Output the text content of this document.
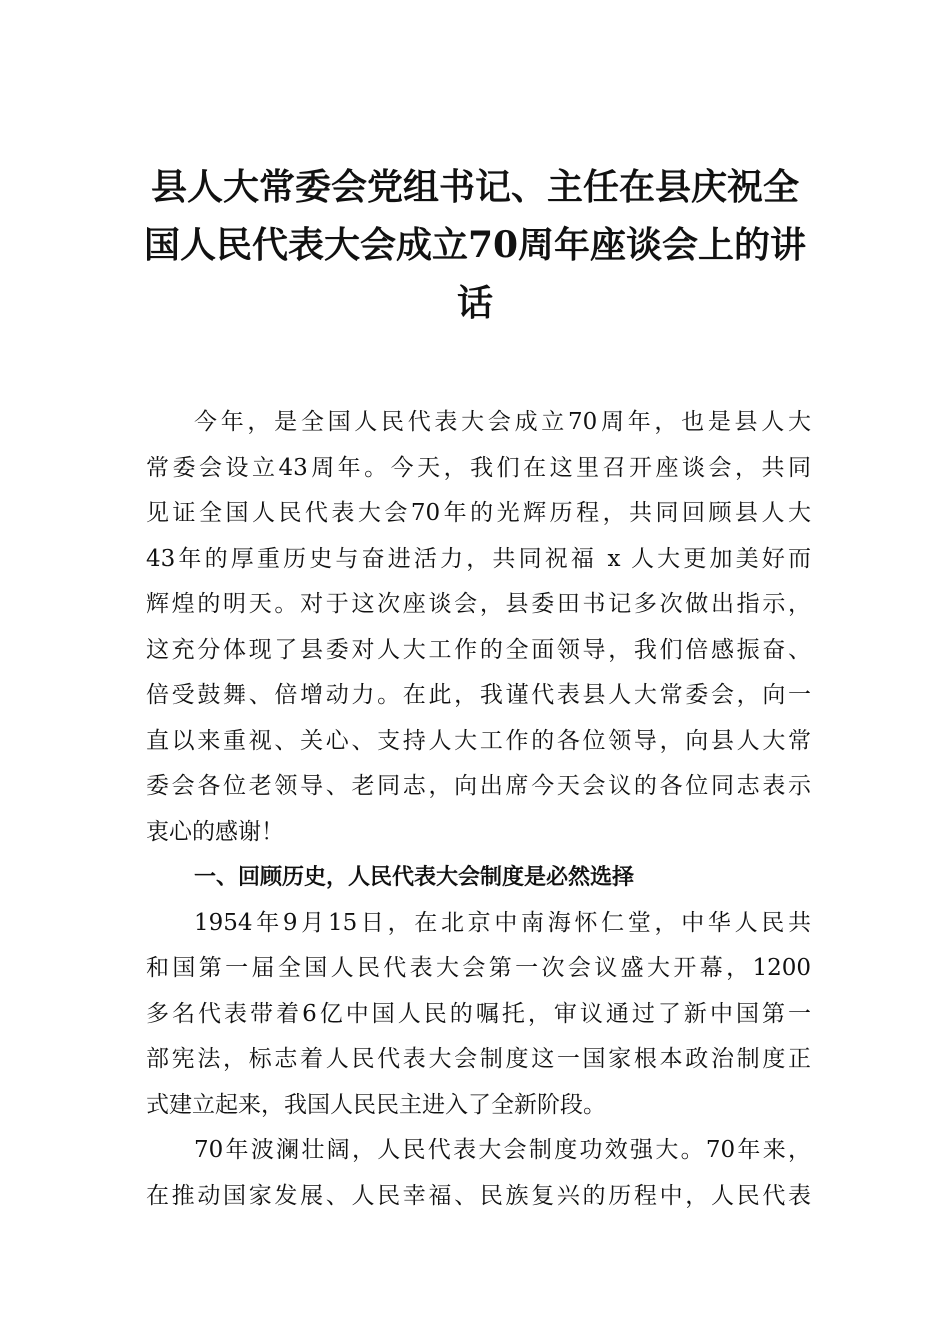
县人大常委会党组书记、主任在县庆祝全
国人民代表大会成立70周年座谈会上的讲
话
今年，是全国人民代表大会成立70周年，也是县人大
常委会设立43周年。今天，我们在这里召开座谈会，共同
见证全国人民代表大会70年的光辉历程，共同回顾县人大
43年的厚重历史与奋进活力，共同祝福 x 人大更加美好而
辉煌的明天。对于这次座谈会，县委田书记多次做出指示，
这充分体现了县委对人大工作的全面领导，我们倍感振奋、
倍受鼓舞、倍增动力。在此，我谨代表县人大常委会，向一
直以来重视、关心、支持人大工作的各位领导，向县人大常
委会各位老领导、老同志，向出席今天会议的各位同志表示
衷心的感谢！
一、回顾历史，人民代表大会制度是必然选择
1954年9月15日，在北京中南海怀仁堂，中华人民共
和国第一届全国人民代表大会第一次会议盛大开幕，1200
多名代表带着6亿中国人民的嘱托，审议通过了新中国第一
部宪法，标志着人民代表大会制度这一国家根本政治制度正
式建立起来，我国人民民主进入了全新阶段。
70年波澜壮阔，人民代表大会制度功效强大。70年来，
在推动国家发展、人民幸福、民族复兴的历程中，人民代表
